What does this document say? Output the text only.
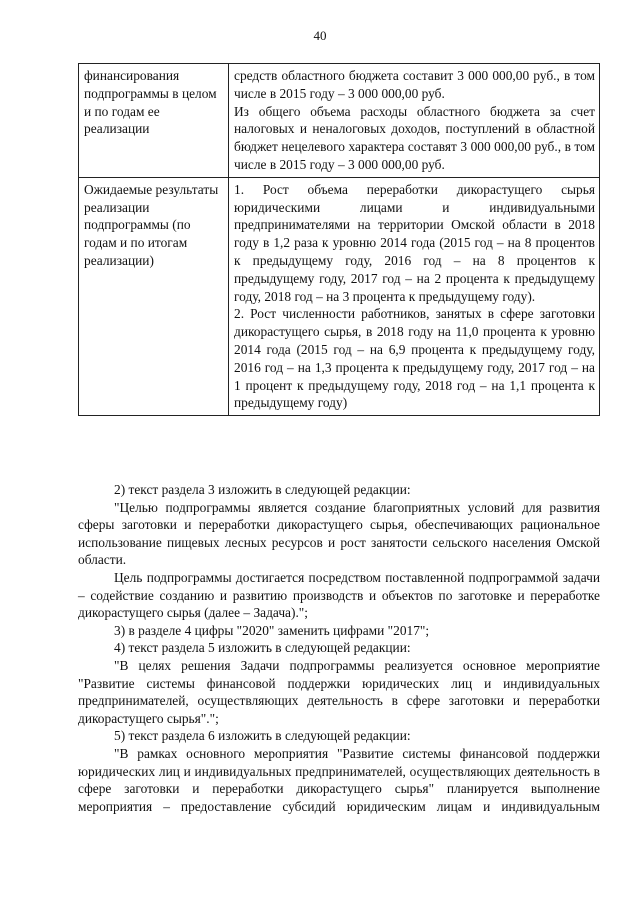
40
финансирования подпрограммы в целом и по годам ее реализации	средств областного бюджета составит 3 000 000,00 руб., в том числе в 2015 году – 3 000 000,00 руб.
Из общего объема расходы областного бюджета за счет налоговых и неналоговых доходов, поступлений в областной бюджет нецелевого характера составят 3 000 000,00 руб., в том числе в 2015 году – 3 000 000,00 руб.

Ожидаемые результаты реализации подпрограммы (по годам и по итогам реализации)	1. Рост объема переработки дикорастущего сырья юридическими лицами и индивидуальными предпринимателями на территории Омской области в 2018 году в 1,2 раза к уровню 2014 года (2015 год – на 8 процентов к предыдущему году, 2016 год – на 8 процентов к предыдущему году, 2017 год – на 2 процента к предыдущему году, 2018 год – на 3 процента к предыдущему году).
2. Рост численности работников, занятых в сфере заготовки дикорастущего сырья, в 2018 году на 11,0 процента к уровню 2014 года (2015 год – на 6,9 процента к предыдущему году, 2016 год – на 1,3 процента к предыдущему году, 2017 год – на 1 процент к предыдущему году, 2018 год – на 1,1 процента к предыдущему году)

2) текст раздела 3 изложить в следующей редакции:

"Целью подпрограммы является создание благоприятных условий для развития сферы заготовки и переработки дикорастущего сырья, обеспечивающих рациональное использование пищевых лесных ресурсов и рост занятости сельского населения Омской области.

Цель подпрограммы достигается посредством поставленной подпрограммой задачи – содействие созданию и развитию производств и объектов по заготовке и переработке дикорастущего сырья (далее – Задача).";

3) в разделе 4 цифры "2020" заменить цифрами "2017";

4) текст раздела 5 изложить в следующей редакции:

"В целях решения Задачи подпрограммы реализуется основное мероприятие "Развитие системы финансовой поддержки юридических лиц и индивидуальных предпринимателей, осуществляющих деятельность в сфере заготовки и переработки дикорастущего сырья".";

5) текст раздела 6 изложить в следующей редакции:

"В рамках основного мероприятия "Развитие системы финансовой поддержки юридических лиц и индивидуальных предпринимателей, осуществляющих деятельность в сфере заготовки и переработки дикорастущего сырья" планируется выполнение мероприятия – предоставление субсидий юридическим лицам и индивидуальным
